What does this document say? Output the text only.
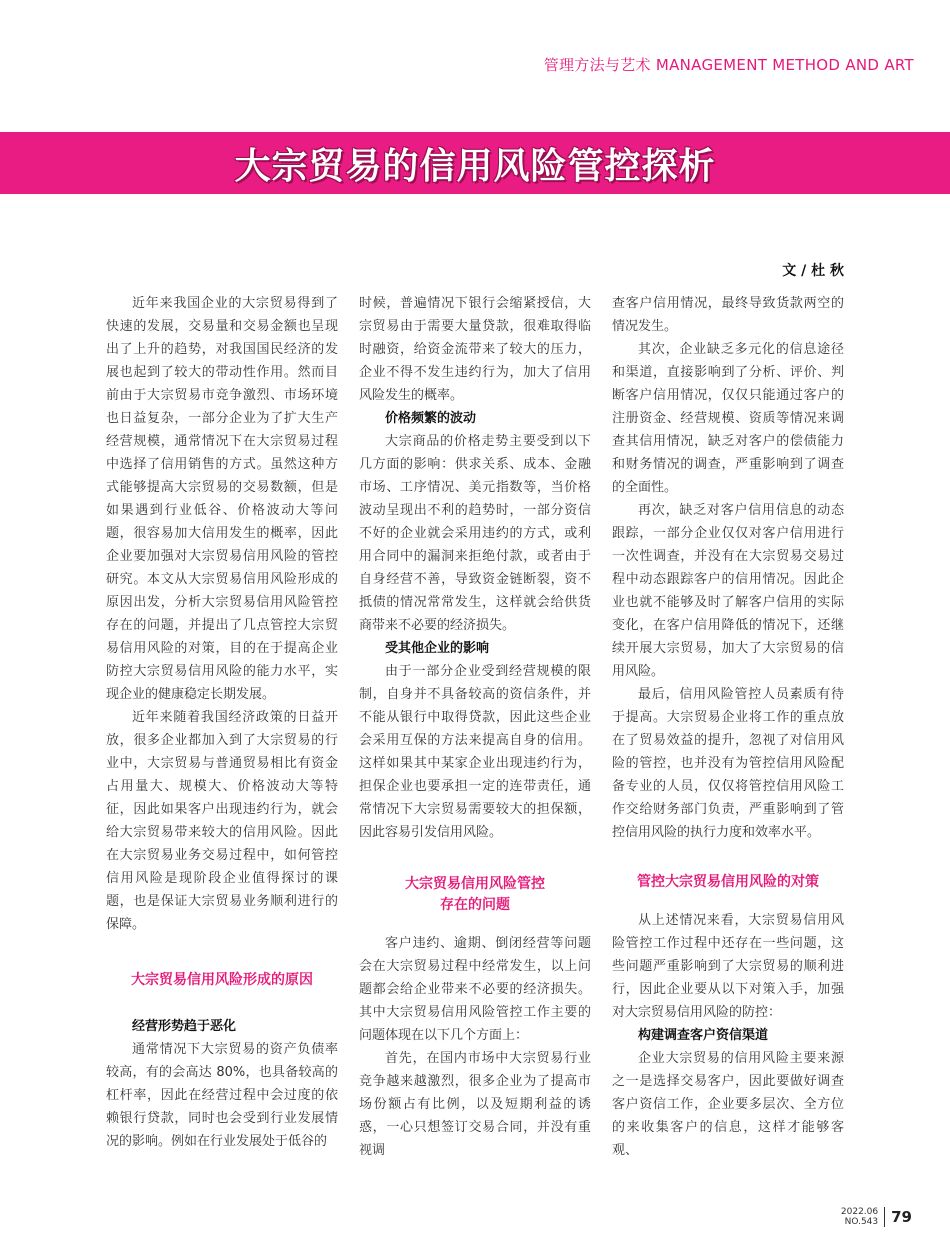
管理方法与艺术 MANAGEMENT METHOD AND ART
大宗贸易的信用风险管控探析
文 / 杜 秋

近年来我国企业的大宗贸易得到了快速的发展，交易量和交易金额也呈现出了上升的趋势，对我国国民经济的发展也起到了较大的带动性作用。然而目前由于大宗贸易市竞争激烈、市场环境也日益复杂，一部分企业为了扩大生产经营规模，通常情况下在大宗贸易过程中选择了信用销售的方式。虽然这种方式能够提高大宗贸易的交易数额，但是如果遇到行业低谷、价格波动大等问题，很容易加大信用发生的概率，因此企业要加强对大宗贸易信用风险的管控研究。本文从大宗贸易信用风险形成的原因出发，分析大宗贸易信用风险管控存在的问题，并提出了几点管控大宗贸易信用风险的对策，目的在于提高企业防控大宗贸易信用风险的能力水平，实现企业的健康稳定长期发展。

近年来随着我国经济政策的日益开放，很多企业都加入到了大宗贸易的行业中，大宗贸易与普通贸易相比有资金占用量大、规模大、价格波动大等特征，因此如果客户出现违约行为，就会给大宗贸易带来较大的信用风险。因此在大宗贸易业务交易过程中，如何管控信用风险是现阶段企业值得探讨的课题，也是保证大宗贸易业务顺利进行的保障。

大宗贸易信用风险形成的原因

经营形势趋于恶化

通常情况下大宗贸易的资产负债率较高，有的会高达 80%，也具备较高的杠杆率，因此在经营过程中会过度的依赖银行贷款，同时也会受到行业发展情况的影响。例如在行业发展处于低谷的

时候，普遍情况下银行会缩紧授信，大宗贸易由于需要大量贷款，很难取得临时融资，给资金流带来了较大的压力，企业不得不发生违约行为，加大了信用风险发生的概率。

价格频繁的波动

大宗商品的价格走势主要受到以下几方面的影响：供求关系、成本、金融市场、工序情况、美元指数等，当价格波动呈现出不利的趋势时，一部分资信不好的企业就会采用违约的方式，或利用合同中的漏洞来拒绝付款，或者由于自身经营不善，导致资金链断裂，资不抵债的情况常常发生，这样就会给供货商带来不必要的经济损失。

受其他企业的影响

由于一部分企业受到经营规模的限制，自身并不具备较高的资信条件，并不能从银行中取得贷款，因此这些企业会采用互保的方法来提高自身的信用。这样如果其中某家企业出现违约行为，担保企业也要承担一定的连带责任，通常情况下大宗贸易需要较大的担保额，因此容易引发信用风险。

大宗贸易信用风险管控

存在的问题

客户违约、逾期、倒闭经营等问题会在大宗贸易过程中经常发生，以上问题都会给企业带来不必要的经济损失。其中大宗贸易信用风险管控工作主要的问题体现在以下几个方面上：

首先，在国内市场中大宗贸易行业竞争越来越激烈，很多企业为了提高市场份额占有比例，以及短期利益的诱惑，一心只想签订交易合同，并没有重视调

查客户信用情况，最终导致货款两空的情况发生。

其次，企业缺乏多元化的信息途径和渠道，直接影响到了分析、评价、判断客户信用情况，仅仅只能通过客户的注册资金、经营规模、资质等情况来调查其信用情况，缺乏对客户的偿债能力和财务情况的调查，严重影响到了调查的全面性。

再次，缺乏对客户信用信息的动态跟踪，一部分企业仅仅对客户信用进行一次性调查，并没有在大宗贸易交易过程中动态跟踪客户的信用情况。因此企业也就不能够及时了解客户信用的实际变化，在客户信用降低的情况下，还继续开展大宗贸易，加大了大宗贸易的信用风险。

最后，信用风险管控人员素质有待于提高。大宗贸易企业将工作的重点放在了贸易效益的提升，忽视了对信用风险的管控，也并没有为管控信用风险配备专业的人员，仅仅将管控信用风险工作交给财务部门负责，严重影响到了管控信用风险的执行力度和效率水平。

管控大宗贸易信用风险的对策

从上述情况来看，大宗贸易信用风险管控工作过程中还存在一些问题，这些问题严重影响到了大宗贸易的顺利进行，因此企业要从以下对策入手，加强对大宗贸易信用风险的防控：

构建调查客户资信渠道

企业大宗贸易的信用风险主要来源之一是选择交易客户，因此要做好调查客户资信工作，企业要多层次、全方位的来收集客户的信息，这样才能够客观、

2022.06
NO.543 79
